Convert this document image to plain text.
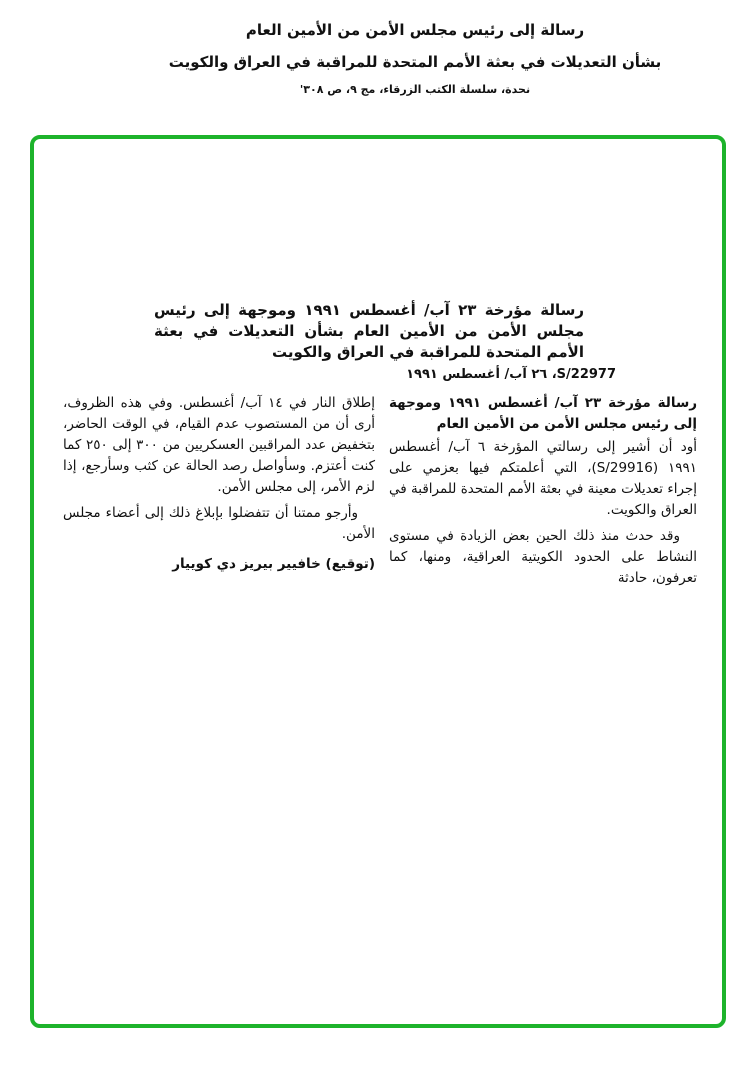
رسالة إلى رئيس مجلس الأمن من الأمين العام

بشأن التعديلات في بعثة الأمم المتحدة للمراقبة في العراق والكويت

نحدة، سلسلة الكتب الزرقاء، مج ٩، ص ٣٠٨'

رسالة مؤرخة ٢٣ آب/ أغسطس ١٩٩١ وموجهة إلى رئيس مجلس الأمن من الأمين العام بشأن التعديلات في بعثة الأمم المتحدة للمراقبة في العراق والكويت
S/22977، ٢٦ آب/ أغسطس ١٩٩١

رسالة مؤرخة ٢٣ آب/ أغسطس ١٩٩١ وموجهة إلى رئيس مجلس الأمن من الأمين العام

أود أن أشير إلى رسالتي المؤرخة ٦ آب/ أغسطس ١٩٩١ (S/29916)، التي أعلمتكم فيها بعزمي على إجراء تعديلات معينة في بعثة الأمم المتحدة للمراقبة في العراق والكويت.

وقد حدث منذ ذلك الحين بعض الزيادة في مستوى النشاط على الحدود الكويتية العراقية، ومنها، كما تعرفون، حادثة

إطلاق النار في ١٤ آب/ أغسطس. وفي هذه الظروف، أرى أن من المستصوب عدم القيام، في الوقت الحاضر، بتخفيض عدد المراقبين العسكريين من ٣٠٠ إلى ٢٥٠ كما كنت أعتزم. وسأواصل رصد الحالة عن كثب وسأرجع، إذا لزم الأمر، إلى مجلس الأمن.

وأرجو ممتنا أن تتفضلوا بإبلاغ ذلك إلى أعضاء مجلس الأمن.

(توقيع) خافيير بيريز دي كوييار
